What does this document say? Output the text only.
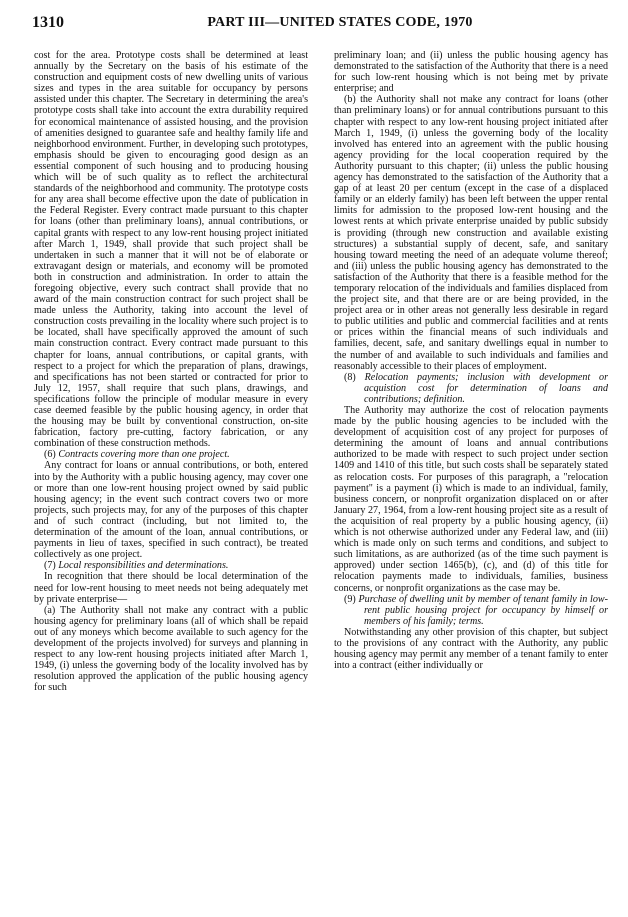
1310	PART III—UNITED STATES CODE, 1970

cost for the area. Prototype costs shall be determined at least annually by the Secretary on the basis of his estimate of the construction and equipment costs of new dwelling units of various sizes and types in the area suitable for occupancy by persons assisted under this chapter. The Secretary in determining the area's prototype costs shall take into account the extra durability required for economical maintenance of assisted housing, and the provision of amenities designed to guarantee safe and healthy family life and neighborhood environment. Further, in developing such prototypes, emphasis should be given to encouraging good design as an essential component of such housing and to producing housing which will be of such quality as to reflect the architectural standards of the neighborhood and community. The prototype costs for any area shall become effective upon the date of publication in the Federal Register. Every contract made pursuant to this chapter for loans (other than preliminary loans), annual contributions, or capital grants with respect to any low-rent housing project initiated after March 1, 1949, shall provide that such project shall be undertaken in such a manner that it will not be of elaborate or extravagant design or materials, and economy will be promoted both in construction and administration. In order to attain the foregoing objective, every such contract shall provide that no award of the main construction contract for such project shall be made unless the Authority, taking into account the level of construction costs prevailing in the locality where such project is to be located, shall have specifically approved the amount of such main construction contract. Every contract made pursuant to this chapter for loans, annual contributions, or capital grants, with respect to a project for which the preparation of plans, drawings, and specifications has not been started or contracted for prior to July 12, 1957, shall require that such plans, drawings, and specifications follow the principle of modular measure in every case deemed feasible by the public housing agency, in order that the housing may be built by conventional construction, on-site fabrication, factory pre-cutting, factory fabrication, or any combination of these construction methods.

(6) Contracts covering more than one project.

Any contract for loans or annual contributions, or both, entered into by the Authority with a public housing agency, may cover one or more than one low-rent housing project owned by said public housing agency; in the event such contract covers two or more projects, such projects may, for any of the purposes of this chapter and of such contract (including, but not limited to, the determination of the amount of the loan, annual contributions, or payments in lieu of taxes, specified in such contract), be treated collectively as one project.

(7) Local responsibilities and determinations.

In recognition that there should be local determination of the need for low-rent housing to meet needs not being adequately met by private enterprise—

(a) The Authority shall not make any contract with a public housing agency for preliminary loans (all of which shall be repaid out of any moneys which become available to such agency for the development of the projects involved) for surveys and planning in respect to any low-rent housing projects initiated after March 1, 1949, (i) unless the governing body of the locality involved has by resolution approved the application of the public housing agency for such

preliminary loan; and (ii) unless the public housing agency has demonstrated to the satisfaction of the Authority that there is a need for such low-rent housing which is not being met by private enterprise; and

(b) the Authority shall not make any contract for loans (other than preliminary loans) or for annual contributions pursuant to this chapter with respect to any low-rent housing project initiated after March 1, 1949, (i) unless the governing body of the locality involved has entered into an agreement with the public housing agency providing for the local cooperation required by the Authority pursuant to this chapter; (ii) unless the public housing agency has demonstrated to the satisfaction of the Authority that a gap of at least 20 per centum (except in the case of a displaced family or an elderly family) has been left between the upper rental limits for admission to the proposed low-rent housing and the lowest rents at which private enterprise unaided by public subsidy is providing (through new construction and available existing structures) a substantial supply of decent, safe, and sanitary housing toward meeting the need of an adequate volume thereof; and (iii) unless the public housing agency has demonstrated to the satisfaction of the Authority that there is a feasible method for the temporary relocation of the individuals and families displaced from the project site, and that there are or are being provided, in the project area or in other areas not generally less desirable in regard to public utilities and public and commercial facilities and at rents or prices within the financial means of such individuals and families, decent, safe, and sanitary dwellings equal in number to the number of and available to such individuals and families and reasonably accessible to their places of employment.

(8) Relocation payments; inclusion with development or acquistion cost for determination of loans and contributions; definition.

The Authority may authorize the cost of relocation payments made by the public housing agencies to be included with the development of acquisition cost of any project for purposes of determining the amount of loans and annual contributions authorized to be made with respect to such project under section 1409 and 1410 of this title, but such costs shall be separately stated as relocation costs. For purposes of this paragraph, a "relocation payment" is a payment (i) which is made to an individual, family, business concern, or nonprofit organization displaced on or after January 27, 1964, from a low-rent housing project site as a result of the acquisition of real property by a public housing agency, (ii) which is not otherwise authorized under any Federal law, and (iii) which is made only on such terms and conditions, and subject to such limitations, as are authorized (as of the time such payment is approved) under section 1465(b), (c), and (d) of this title for relocation payments made to individuals, families, business concerns, or nonprofit organizations as the case may be.

(9) Purchase of dwelling unit by member of tenant family in low-rent public housing project for occupancy by himself or members of his family; terms.

Notwithstanding any other provision of this chapter, but subject to the provisions of any contract with the Authority, any public housing agency may permit any member of a tenant family to enter into a contract (either individually or
